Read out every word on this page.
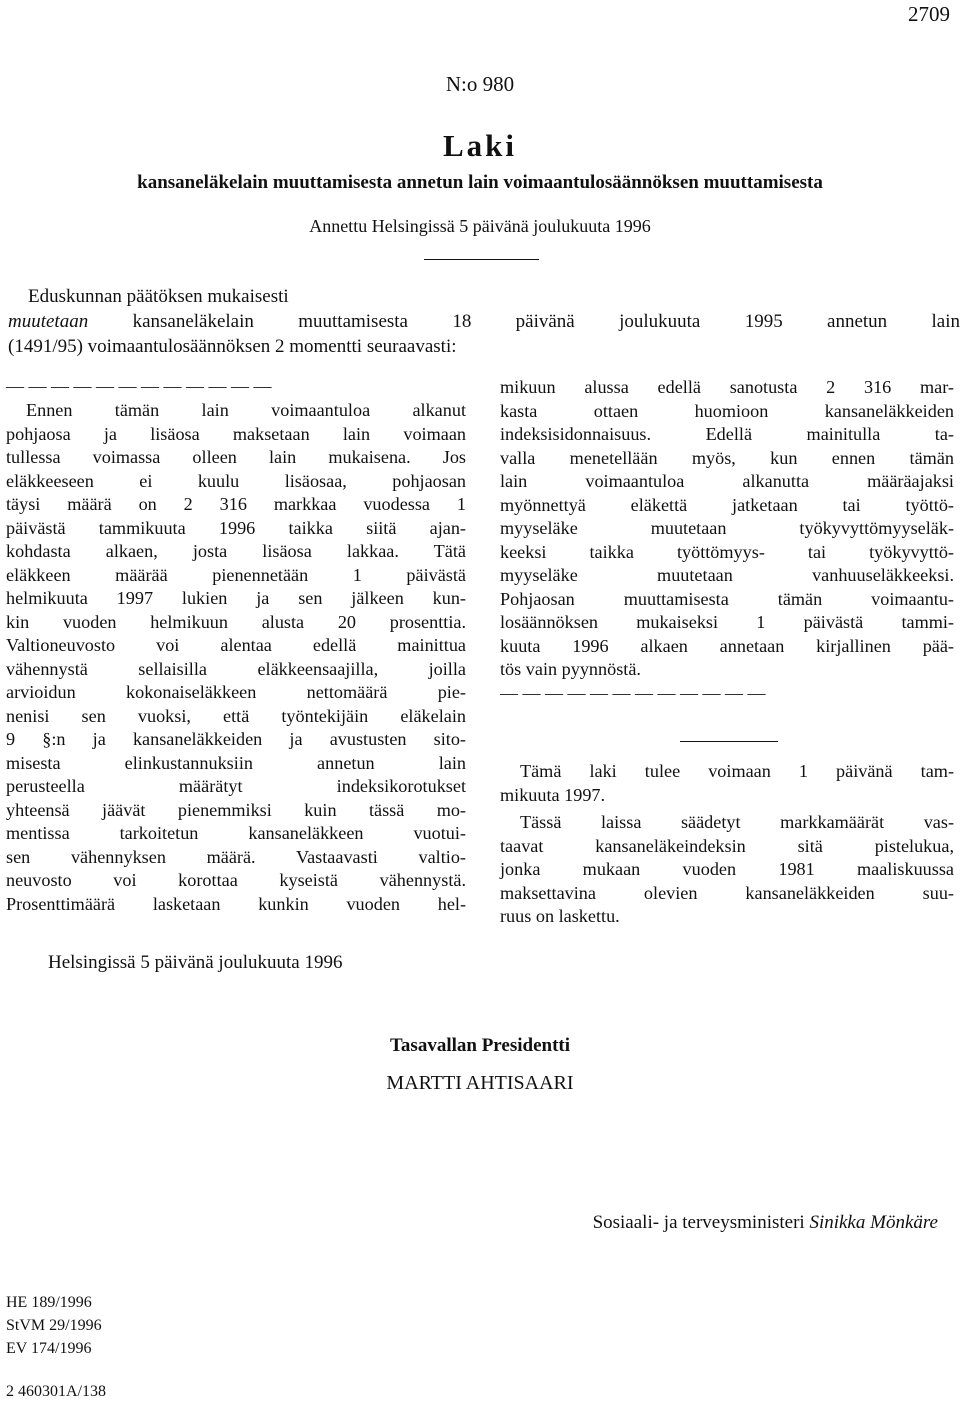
2709
N:o 980
Laki
kansaneläkelain muuttamisesta annetun lain voimaantulosäännöksen muuttamisesta
Annettu Helsingissä 5 päivänä joulukuuta 1996

Eduskunnan päätöksen mukaisesti

muutetaan kansaneläkelain muuttamisesta 18 päivänä joulukuuta 1995 annetun lain

(1491/95) voimaantulosäännöksen 2 momentti seuraavasti:

— — — — — — — — — — — —
Ennen tämän lain voimaantuloa alkanut
pohjaosa ja lisäosa maksetaan lain voimaan
tullessa voimassa olleen lain mukaisena. Jos
eläkkeeseen ei kuulu lisäosaa, pohjaosan
täysi määrä on 2 316 markkaa vuodessa 1
päivästä tammikuuta 1996 taikka siitä ajan-
kohdasta alkaen, josta lisäosa lakkaa. Tätä
eläkkeen määrää pienennetään 1 päivästä
helmikuuta 1997 lukien ja sen jälkeen kun-
kin vuoden helmikuun alusta 20 prosenttia.
Valtioneuvosto voi alentaa edellä mainittua
vähennystä sellaisilla eläkkeensaajilla, joilla
arvioidun kokonaiseläkkeen nettomäärä pie-
nenisi sen vuoksi, että työntekijäin eläkelain
9 §:n ja kansaneläkkeiden ja avustusten sito-
misesta elinkustannuksiin annetun lain
perusteella määrätyt indeksikorotukset
yhteensä jäävät pienemmiksi kuin tässä mo-
mentissa tarkoitetun kansaneläkkeen vuotui-
sen vähennyksen määrä. Vastaavasti valtio-
neuvosto voi korottaa kyseistä vähennystä.
Prosenttimäärä lasketaan kunkin vuoden hel-
mikuun alussa edellä sanotusta 2 316 mar-
kasta ottaen huomioon kansaneläkkeiden
indeksisidonnaisuus. Edellä mainitulla ta-
valla menetellään myös, kun ennen tämän
lain voimaantuloa alkanutta määräajaksi
myönnettyä eläkettä jatketaan tai työttö-
myyseläke muutetaan työkyvyttömyyseläk-
keeksi taikka työttömyys- tai työkyvyttö-
myyseläke muutetaan vanhuuseläkkeeksi.
Pohjaosan muuttamisesta tämän voimaantu-
losäännöksen mukaiseksi 1 päivästä tammi-
kuuta 1996 alkaen annetaan kirjallinen pää-
tös vain pyynnöstä.
— — — — — — — — — — — —
Tämä laki tulee voimaan 1 päivänä tam-
mikuuta 1997.
Tässä laissa säädetyt markkamäärät vas-
taavat kansaneläkeindeksin sitä pistelukua,
jonka mukaan vuoden 1981 maaliskuussa
maksettavina olevien kansaneläkkeiden suu-
ruus on laskettu.
Helsingissä 5 päivänä joulukuuta 1996
Tasavallan Presidentti
MARTTI AHTISAARI
Sosiaali- ja terveysministeri Sinikka Mönkäre
HE 189/1996
StVM 29/1996
EV 174/1996
2 460301A/138
